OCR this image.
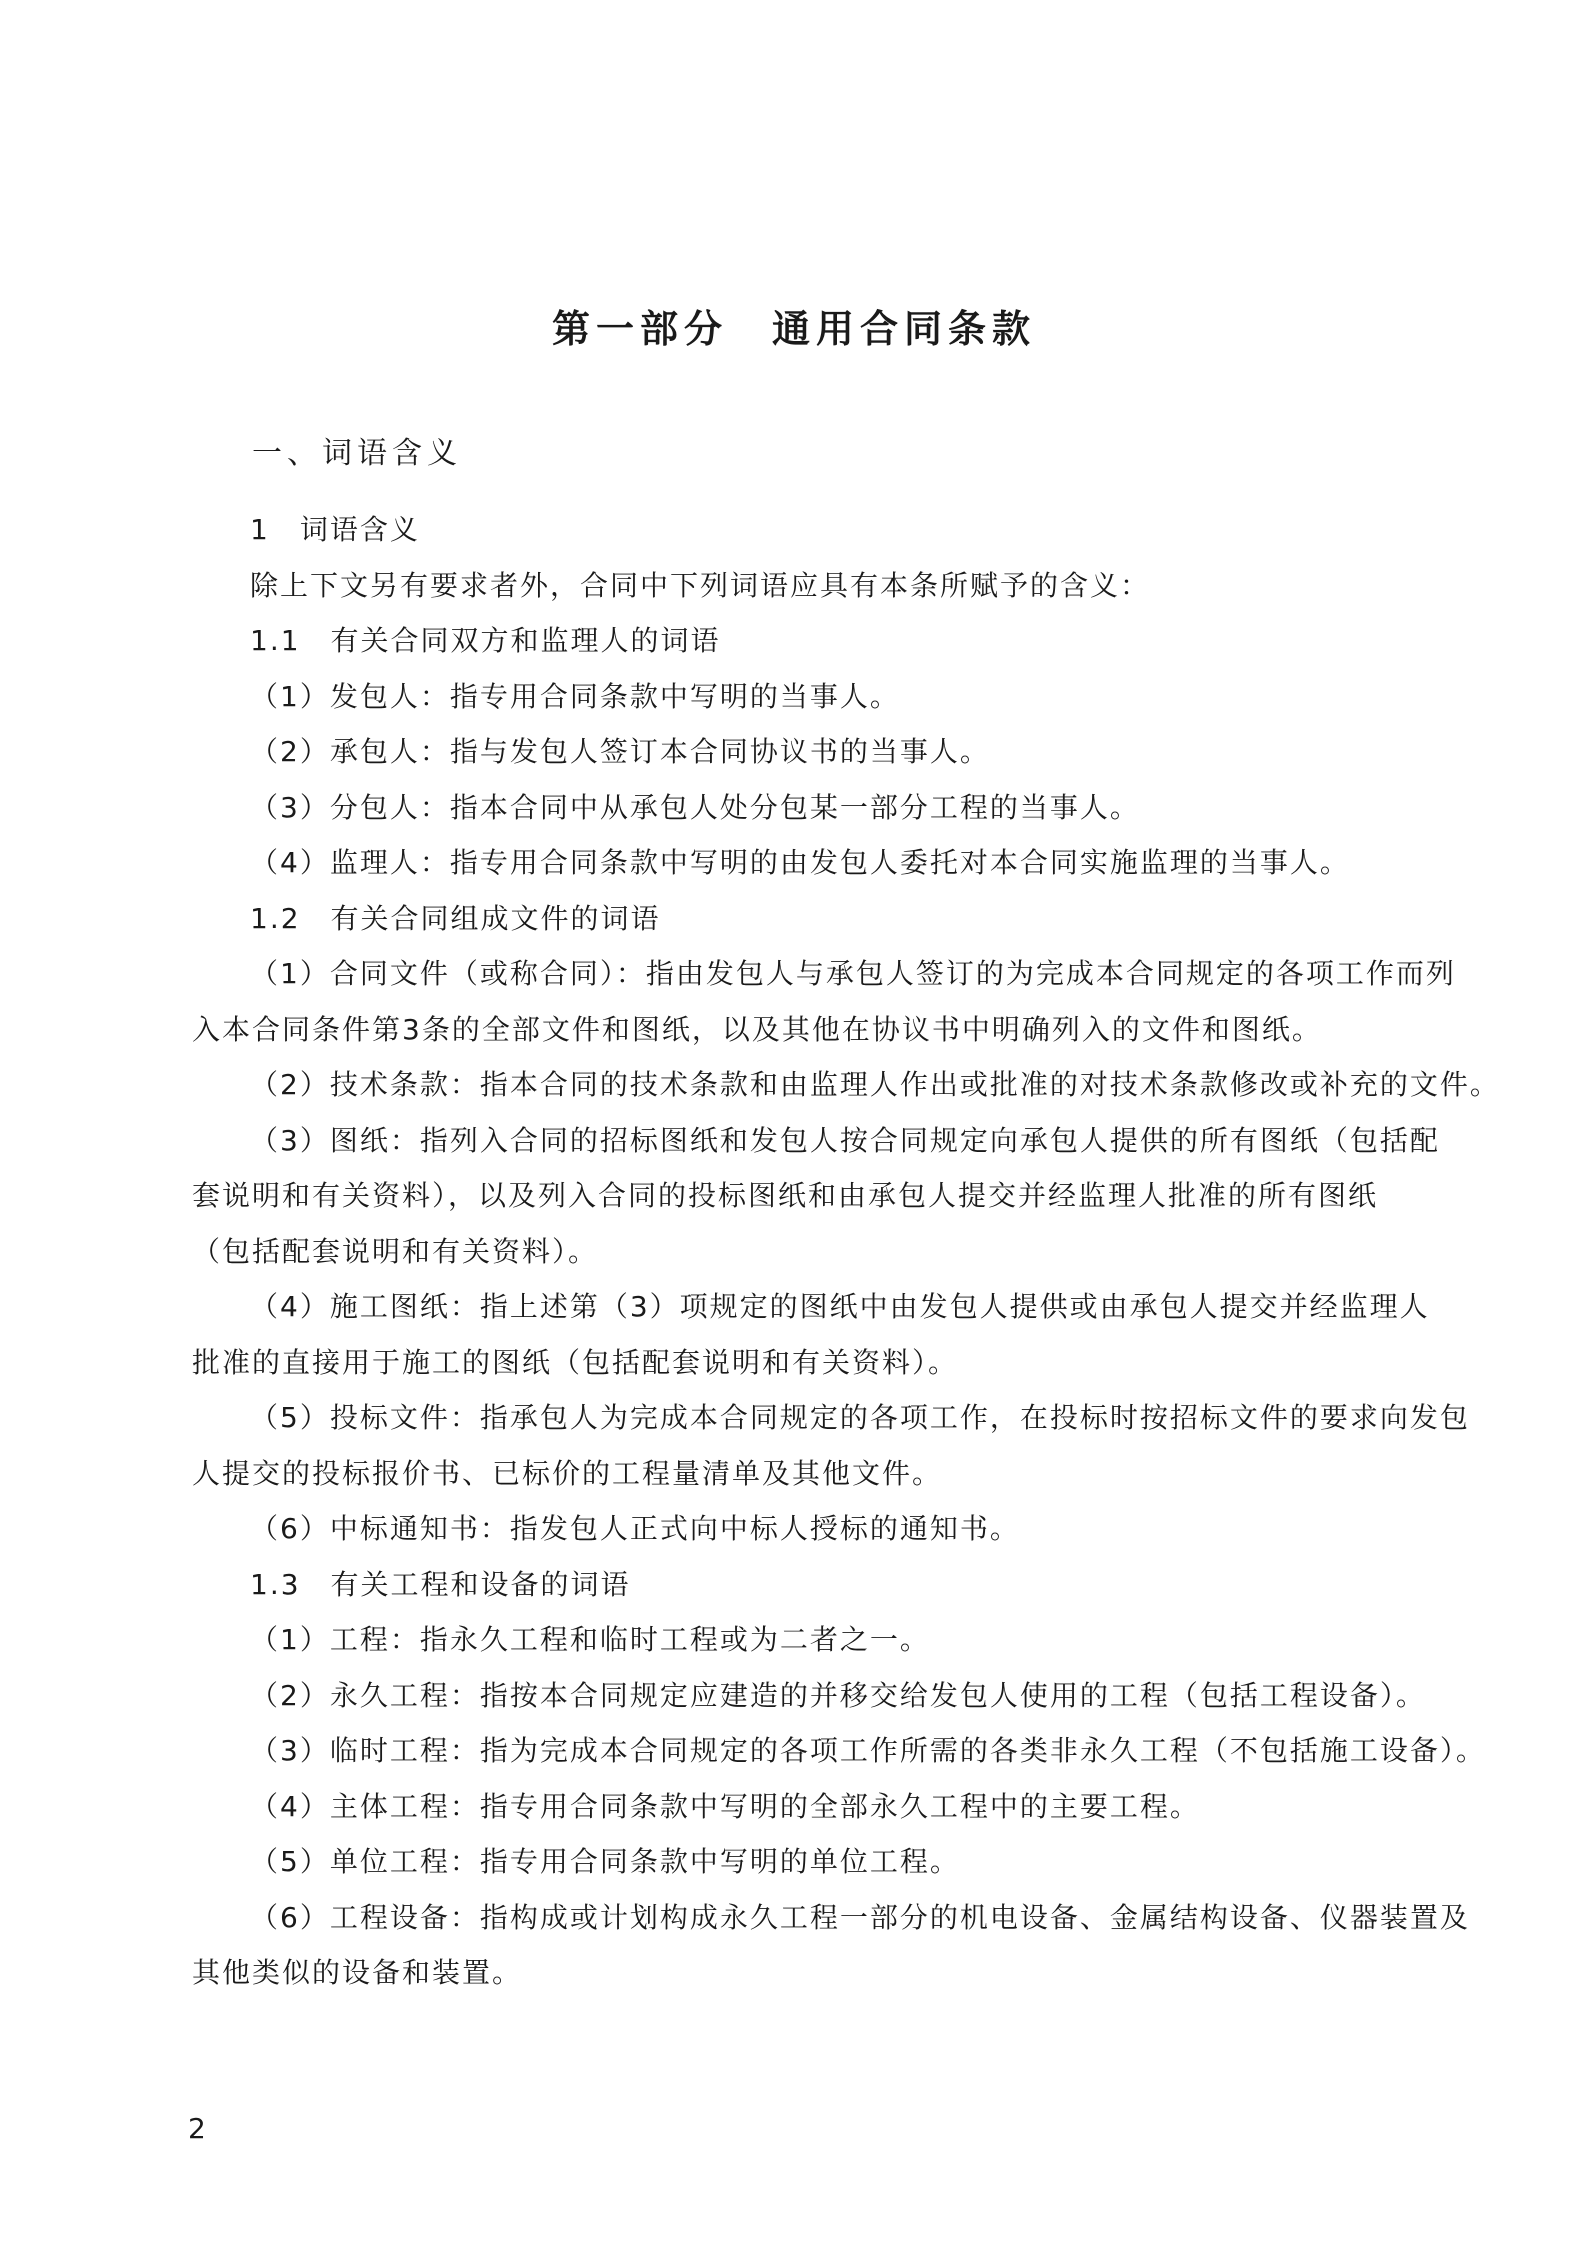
第一部分　通用合同条款
一、词语含义
1　词语含义
除上下文另有要求者外，合同中下列词语应具有本条所赋予的含义：
1.1　有关合同双方和监理人的词语
（1）发包人：指专用合同条款中写明的当事人。
（2）承包人：指与发包人签订本合同协议书的当事人。
（3）分包人：指本合同中从承包人处分包某一部分工程的当事人。
（4）监理人：指专用合同条款中写明的由发包人委托对本合同实施监理的当事人。
1.2　有关合同组成文件的词语
（1）合同文件（或称合同）：指由发包人与承包人签订的为完成本合同规定的各项工作而列
入本合同条件第3条的全部文件和图纸，以及其他在协议书中明确列入的文件和图纸。
（2）技术条款：指本合同的技术条款和由监理人作出或批准的对技术条款修改或补充的文件。
（3）图纸：指列入合同的招标图纸和发包人按合同规定向承包人提供的所有图纸（包括配
套说明和有关资料），以及列入合同的投标图纸和由承包人提交并经监理人批准的所有图纸
（包括配套说明和有关资料）。
（4）施工图纸：指上述第（3）项规定的图纸中由发包人提供或由承包人提交并经监理人
批准的直接用于施工的图纸（包括配套说明和有关资料）。
（5）投标文件：指承包人为完成本合同规定的各项工作，在投标时按招标文件的要求向发包
人提交的投标报价书、已标价的工程量清单及其他文件。
（6）中标通知书：指发包人正式向中标人授标的通知书。
1.3　有关工程和设备的词语
（1）工程：指永久工程和临时工程或为二者之一。
（2）永久工程：指按本合同规定应建造的并移交给发包人使用的工程（包括工程设备）。
（3）临时工程：指为完成本合同规定的各项工作所需的各类非永久工程（不包括施工设备）。
（4）主体工程：指专用合同条款中写明的全部永久工程中的主要工程。
（5）单位工程：指专用合同条款中写明的单位工程。
（6）工程设备：指构成或计划构成永久工程一部分的机电设备、金属结构设备、仪器装置及
其他类似的设备和装置。
2
